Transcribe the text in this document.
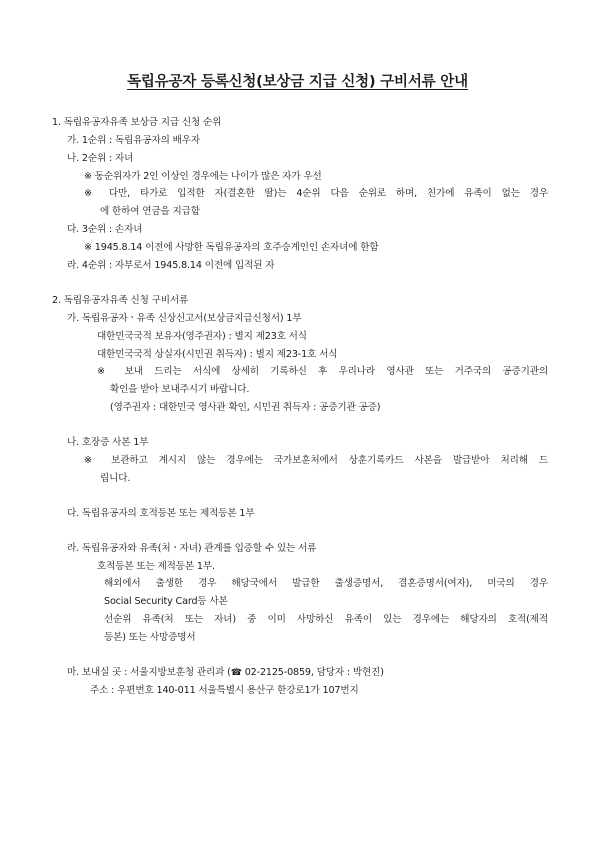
독립유공자 등록신청(보상금 지급 신청) 구비서류 안내
1. 독립유공자유족 보상금 지급 신청 순위
가. 1순위 : 독립유공자의 배우자
나. 2순위 : 자녀
※ 동순위자가 2인 이상인 경우에는 나이가 많은 자가 우선
※ 다만, 타가로 입적한 자(결혼한 딸)는 4순위 다음 순위로 하며, 친가에 유족이 없는 경우
에 한하여 연금을 지급함
다. 3순위 : 손자녀
※ 1945.8.14 이전에 사망한 독립유공자의 호주승계인인 손자녀에 한함
라. 4순위 : 자부로서 1945.8.14 이전에 입적된 자
2. 독립유공자유족 신청 구비서류
가. 독립유공자ㆍ유족 신상신고서(보상금지급신청서) 1부
대한민국국적 보유자(영주권자) : 별지 제23호 서식
대한민국국적 상실자(시민권 취득자) : 별지 제23-1호 서식
※ 보내 드리는 서식에 상세히 기록하신 후 우리나라 영사관 또는 거주국의 공증기관의
확인을 받아 보내주시기 바랍니다.
(영주권자 : 대한민국 영사관 확인, 시민권 취득자 : 공증기관 공증)
나. 호장증 사본 1부
※ 보관하고 계시지 않는 경우에는 국가보훈처에서 상훈기록카드 사본을 발급받아 처리해 드
립니다.
다. 독립유공자의 호적등본 또는 제적등본 1부
라. 독립유공자와 유족(처ㆍ자녀) 관계를 입증할 수 있는 서류
호적등본 또는 제적등본 1부.
해외에서 출생한 경우 해당국에서 발급한 출생증명서, 결혼증명서(여자), 미국의 경우
Social Security Card등 사본
선순위 유족(처 또는 자녀) 중 이미 사망하신 유족이 있는 경우에는 해당자의 호적(제적
등본) 또는 사망증명서
마. 보내실 곳 : 서울지방보훈청 관리과 (☎ 02-2125-0859, 담당자 : 박현진)
주소 : 우편번호 140-011 서울특별시 용산구 한강로1가 107번지
